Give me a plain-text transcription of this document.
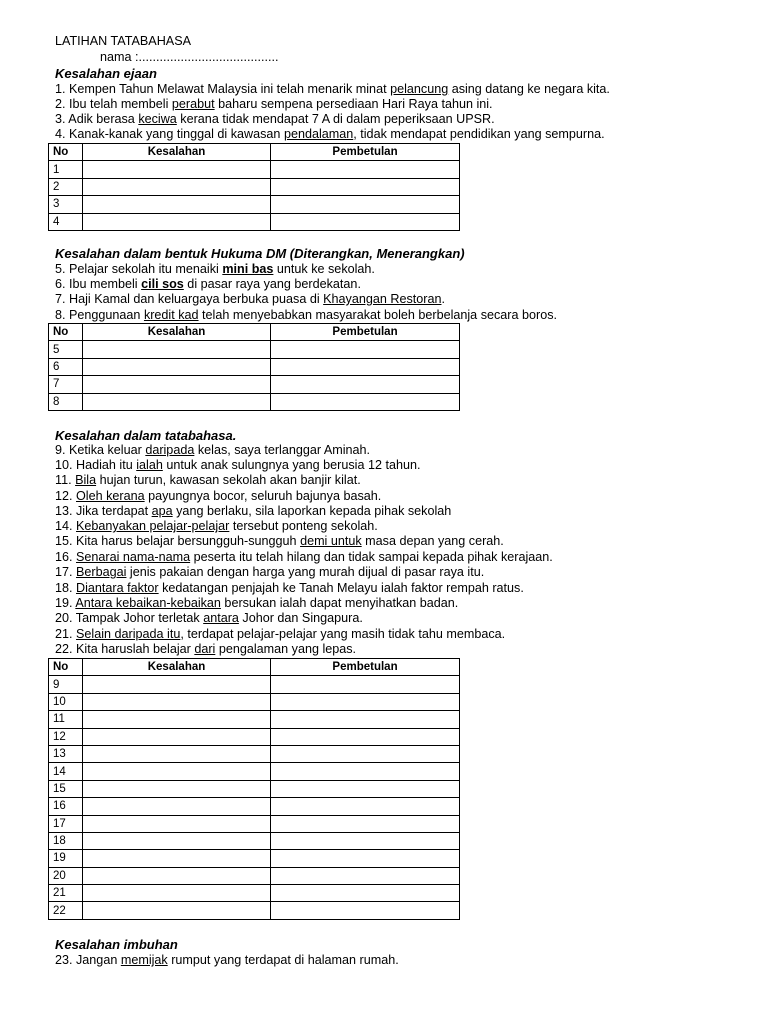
LATIHAN TATABAHASA
nama :........................................
Kesalahan ejaan
1. Kempen Tahun Melawat Malaysia ini telah menarik minat pelancung asing datang ke negara kita.
2. Ibu telah membeli perabut baharu sempena persediaan Hari Raya tahun ini.
3. Adik berasa keciwa kerana tidak mendapat 7 A di dalam peperiksaan UPSR.
4. Kanak-kanak yang tinggal di kawasan pendalaman, tidak mendapat pendidikan yang sempurna.
No	Kesalahan	Pembetulan
1		
2		
3		
4		
Kesalahan dalam bentuk Hukuma DM (Diterangkan, Menerangkan)
5. Pelajar sekolah itu menaiki mini bas untuk ke sekolah.
6. Ibu membeli cili sos di pasar raya yang berdekatan.
7. Haji Kamal dan keluargaya berbuka puasa di Khayangan Restoran.
8. Penggunaan kredit kad telah menyebabkan masyarakat boleh berbelanja secara boros.
No	Kesalahan	Pembetulan
5		
6		
7		
8		
Kesalahan dalam tatabahasa.
9. Ketika keluar daripada kelas, saya terlanggar Aminah.
10. Hadiah itu ialah untuk anak sulungnya yang berusia 12 tahun.
11. Bila hujan turun, kawasan sekolah akan banjir kilat.
12. Oleh kerana payungnya bocor, seluruh bajunya basah.
13. Jika terdapat apa yang berlaku, sila laporkan kepada pihak sekolah
14. Kebanyakan pelajar-pelajar tersebut ponteng sekolah.
15. Kita harus belajar bersungguh-sungguh demi untuk masa depan yang cerah.
16. Senarai nama-nama peserta itu telah hilang dan tidak sampai kepada pihak kerajaan.
17. Berbagai jenis pakaian dengan harga yang murah dijual di pasar raya itu.
18. Diantara faktor kedatangan penjajah ke Tanah Melayu ialah faktor rempah ratus.
19. Antara kebaikan-kebaikan bersukan ialah dapat menyihatkan badan.
20. Tampak Johor terletak antara Johor dan Singapura.
21. Selain daripada itu, terdapat pelajar-pelajar yang masih tidak tahu membaca.
22. Kita haruslah belajar dari pengalaman yang lepas.
No	Kesalahan	Pembetulan
9		
10		
11		
12		
13		
14		
15		
16		
17		
18		
19		
20		
21		
22		
Kesalahan imbuhan
23. Jangan memijak rumput yang terdapat di halaman rumah.
